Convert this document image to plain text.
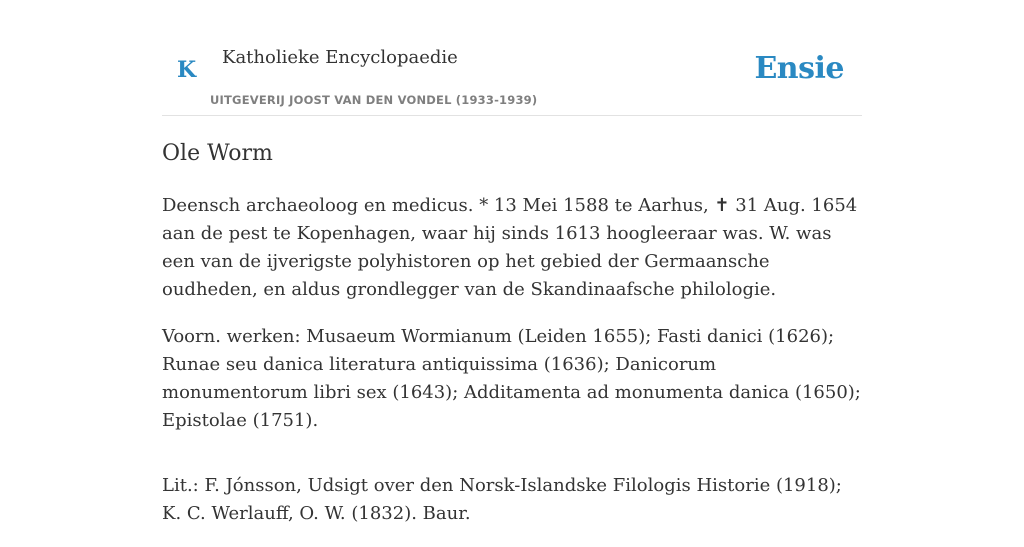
K Katholieke Encyclopaedie
UITGEVERIJ JOOST VAN DEN VONDEL (1933-1939)
Ensie
Ole Worm

Deensch archaeoloog en medicus. * 13 Mei 1588 te Aarhus, ✝ 31 Aug. 1654 aan de pest te Kopenhagen, waar hij sinds 1613 hoogleeraar was. W. was een van de ijverigste polyhistoren op het gebied der Germaansche oudheden, en aldus grondlegger van de Skandinaafsche philologie.

Voorn. werken: Musaeum Wormianum (Leiden 1655); Fasti danici (1626); Runae seu danica literatura antiquissima (1636); Danicorum monumentorum libri sex (1643); Additamenta ad monumenta danica (1650); Epistolae (1751).

Lit.: F. Jónsson, Udsigt over den Norsk-Islandske Filologis Historie (1918); K. C. Werlauff, O. W. (1832). Baur.
